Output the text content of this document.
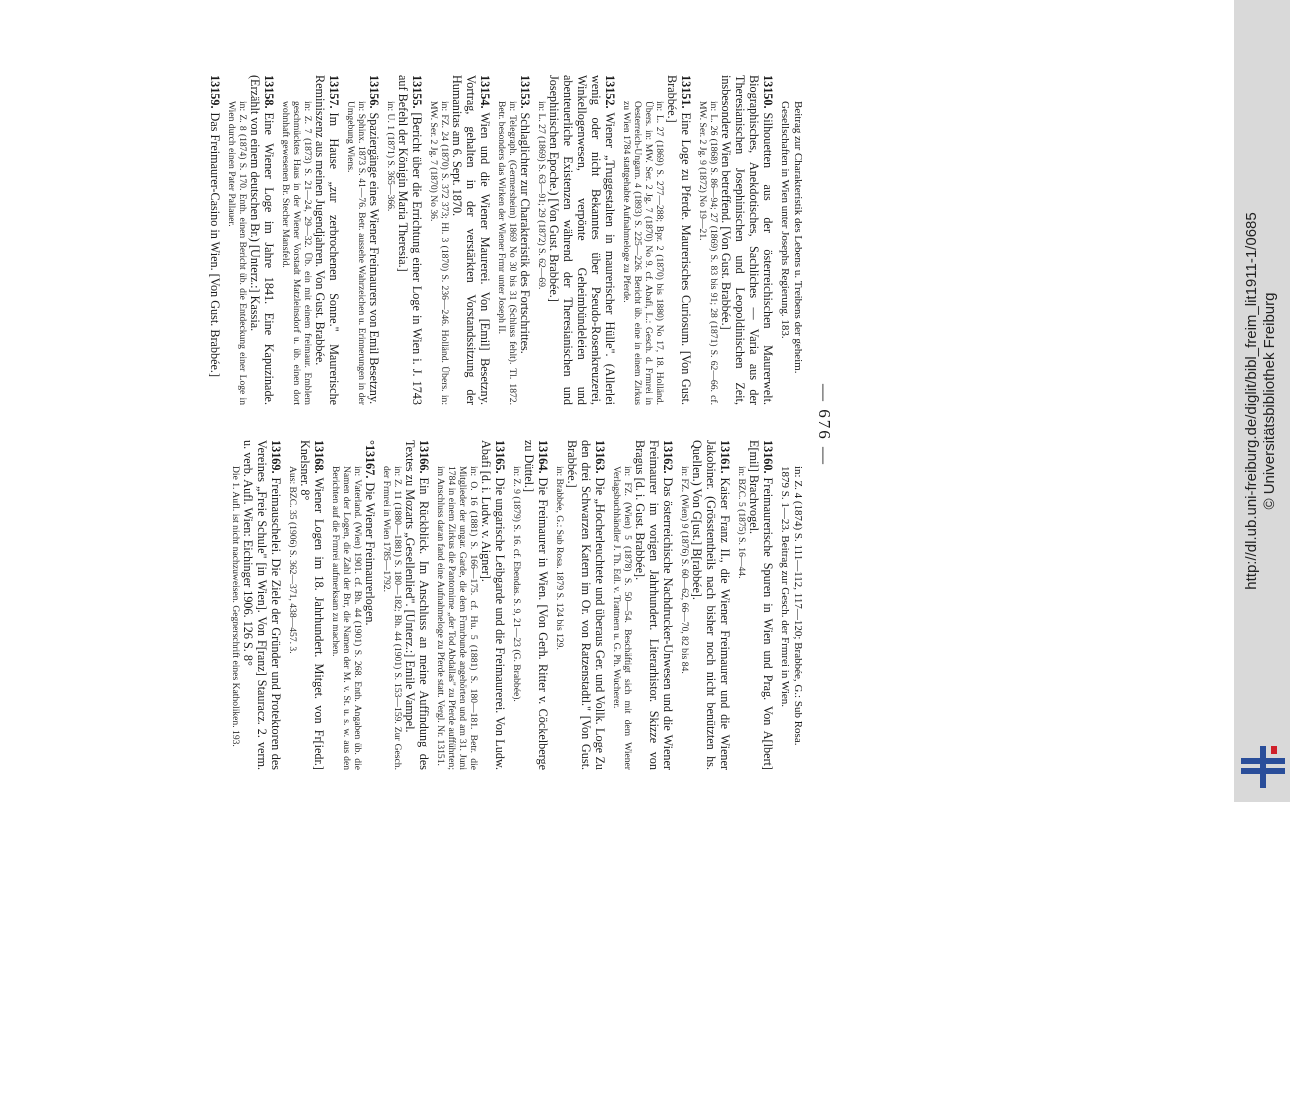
— 676 —
Beitrag zur Charakteristik des Lebens u. Treibens der geheim. Gesellschaften in Wien unter Josephs Regierung. 183.
13150.Silhouetten aus der österreichischen Maurerwelt. Biographisches, Anekdotisches, Sachliches — Varia aus der Theresianischen Josephinischen und Leopoldinischen Zeit, insbesondere Wien betreffend. [Von Gust. Brabbée.]
in: L. 26 (1868) S. 86—94; 27 (1869) S. 83 bis 91; 28 (1871) S. 62—66. cf. MW. Ser. 2 Jg. 9 (1872) No 19—21.
13151.Eine Loge zu Pferde. Maurerisches Curiosum. [Von Gust. Brabbée.]
in: L. 27 (1869) S. 277—288; Bpr. 2 (1870) bis 1880) No 17, 18. Holländ. Übers. in: MW. Ser. 2 Jg. 7 (1870) No 9. cf. Abafi, L.: Gesch. d. Frmrei in Oesterreich-Ungarn. 4 (1893) S. 225—226. Bericht üb. eine in einem Zirkus zu Wien 1784 stattgehabte Aufnahmeloge zu Pferde.
13152.Wiener „Truggestalten in maurerischer Hülle". (Allerlei wenig oder nicht Bekanntes über Pseudo-Rosenkreuzerei, Winkellogenwesen, verpönte Geheimbündeleien und abenteuerliche Existenzen während der Theresianischen und Josephinischen Epoche.) [Von Gust. Brabbée.]
in: L. 27 (1869) S. 63—91; 29 (1872) S. 62—69.
13153.Schlaglichter zur Charakteristik des Fortschrittes.
in: Telegraph. (Germersheim) 1869 No 30 bis 31 (Schluss fehlt). Tl. 1872. Betr. besonders das Wirken der Wiener Frmr unter Joseph II.
13154.Wien und die Wiener Maurerei. Von [Emil] Besetzny. Vortrag, gehalten in der verstärkten Vorstandssitzung der Humanitas am 6. Sept. 1870.
in: FZ. 24 (1870) S. 372 373; Hl. 3 (1870) S. 236—246. Holländ. Übers. in: MW. Ser. 2 Jg. 7 (1870) No 36.
13155.[Bericht über die Errichtung einer Loge in Wien i. J. 1743 auf Befehl der Königin Maria Theresia.]
in: U. 1 (1871) S. 365—366.
13156.Spaziergänge eines Wiener Freimaurers von Emil Besetzny.
in: Sphinx. 1873 S. 41—76. Betr. aussehe Wahrzeichen u. Erinnerungen in der Umgebung Wiens.
13157.Im Hause „zur zerbrochenen Sonne." Maurerische Reminiszenz aus meinen Jugendjahren. Von Gust. Brabbée.
in: Z. 7 (1873) S. 21—24, 29—32. Üb. ein mit einem freimaur. Emblem geschmücktes Haus in der Wiener Vorstadt Matzleinsdorf u. üb. einen dort wohnhaft gewesenen Br. Stecher Mansfeld.
13158.Eine Wiener Loge im Jahre 1841. Eine Kapuzinade. (Erzählt von einem deutschen Br.) [Unterz.:] Kassia.
in: Z. 8 (1874) S. 170. Enth. einen Bericht üb. die Entdeckung einer Loge in Wien durch einen Pater Pallauer.
13159.Das Freimaurer-Casino in Wien. [Von Gust. Brabbée.]
in: Z. 4 (1874) S. 111—112, 117—120; Brabbée, G.: Sub Rosa. 1879 S. 1—23. Beitrag zur Gesch. der Frmrei in Wien.
13160.Freimaurerische Spuren in Wien und Prag. Von A[lbert] E[mil] Brachvogel.
in: BZC. 5 (1875) S. 16—44.
13161.Kaiser Franz II., die Wiener Freimaurer und die Wiener Jakobiner. (Grösstentheils nach bisher noch nicht benützten hs. Quellen.) Von G[ust.] B[rabbée].
in: FZ. (Wien) 9 (1876) S. 60—62, 66—70, 82 bis 84.
13162.Das österreichische Nachdrucker-Unwesen und die Wiener Freimaurer im vorigen Jahrhundert. Literarhistor. Skizze von Bragus [d. i. Gust. Brabbée].
in: FZ. (Wien) 5 (1878) S. 50—54. Beschäftigt sich mit dem Wiener Verlagsbuchhändler J. Th. Edl. v. Trattnern u. G. Ph. Wucherer.
13163.Die „Hocherleuchtete und überaus Ger. und Vollk. Loge Zu den drei Schwarzen Katern im Or. von Ratzenstadtl." [Von Gust. Brabbée.]
in: Brabbée, G.: Sub Rosa. 1879 S. 124 bis 129.
13164.Die Freimaurer in Wien. [Von Gerh. Ritter v. Cöckelberge zu Düttel.]
in: Z. 9 (1879) S. 16. cf. Ebendas. S. 9, 21—23 (G. Brabbée).
13165.Die ungarische Leibgarde und die Freimaurerei. Von Ludw. Abafi [d. i. Ludw. v. Aigner].
in: O. 16 (1881) S. 166—175. cf. Hu. 5 (1881) S. 180—181. Betr. die Mitglieder der ungar. Garde, die dem Frmrbunde angehörten und am 31. Juni 1784 in einem Zirkus die Pantomime „der Tod Abdallas" zu Pferde aufführten; im Anschluss daran fand eine Aufnahmeloge zu Pferde statt. Vergl. Nr. 13151.
13166.Ein Rückblick. Im Anschluss an meine Auffindung des Textes zu Mozarts „Gesellenlied". [Unterz.:] Emile Vampel.
in: Z. 11 (1880—1881) S. 180—182; Bh. 44 (1901) S. 153—159. Zur Gesch. der Frmrei in Wien 1785—1792.
°13167.Die Wiener Freimaurerlogen.
in: Vaterland. (Wien) 1901. cf. Bh. 44 (1901) S. 268. Enth. Angaben üb. die Namen der Logen, die Zahl der Brr, die Namen der M. v. St. u. s. w. aus den Berichten auf die Frmrei aufmerksam zu machen.
13168.Wiener Logen im 18. Jahrhundert. Mitget. von Fr[iedr.] Knelsner. 8°
Aus: BZC. 35 (1906) S. 362—371, 438—457. 3.
13169.Freimauschelei. Die Ziele der Gründer und Protektoren des Vereines „Freie Schule" [in Wien]. Von F[ranz] Stauracz. 2. verm. u. verb. Aufl. Wien: Eichinger 1906. 126 S. 8°
Die 1. Aufl. ist nicht nachzuweisen. Gegnerschrift eines Katholiken. 193.
http://dl.ub.uni-freiburg.de/diglit/bibl_freim_lit1911-1/0685 © Universitätsbibliothek Freiburg
